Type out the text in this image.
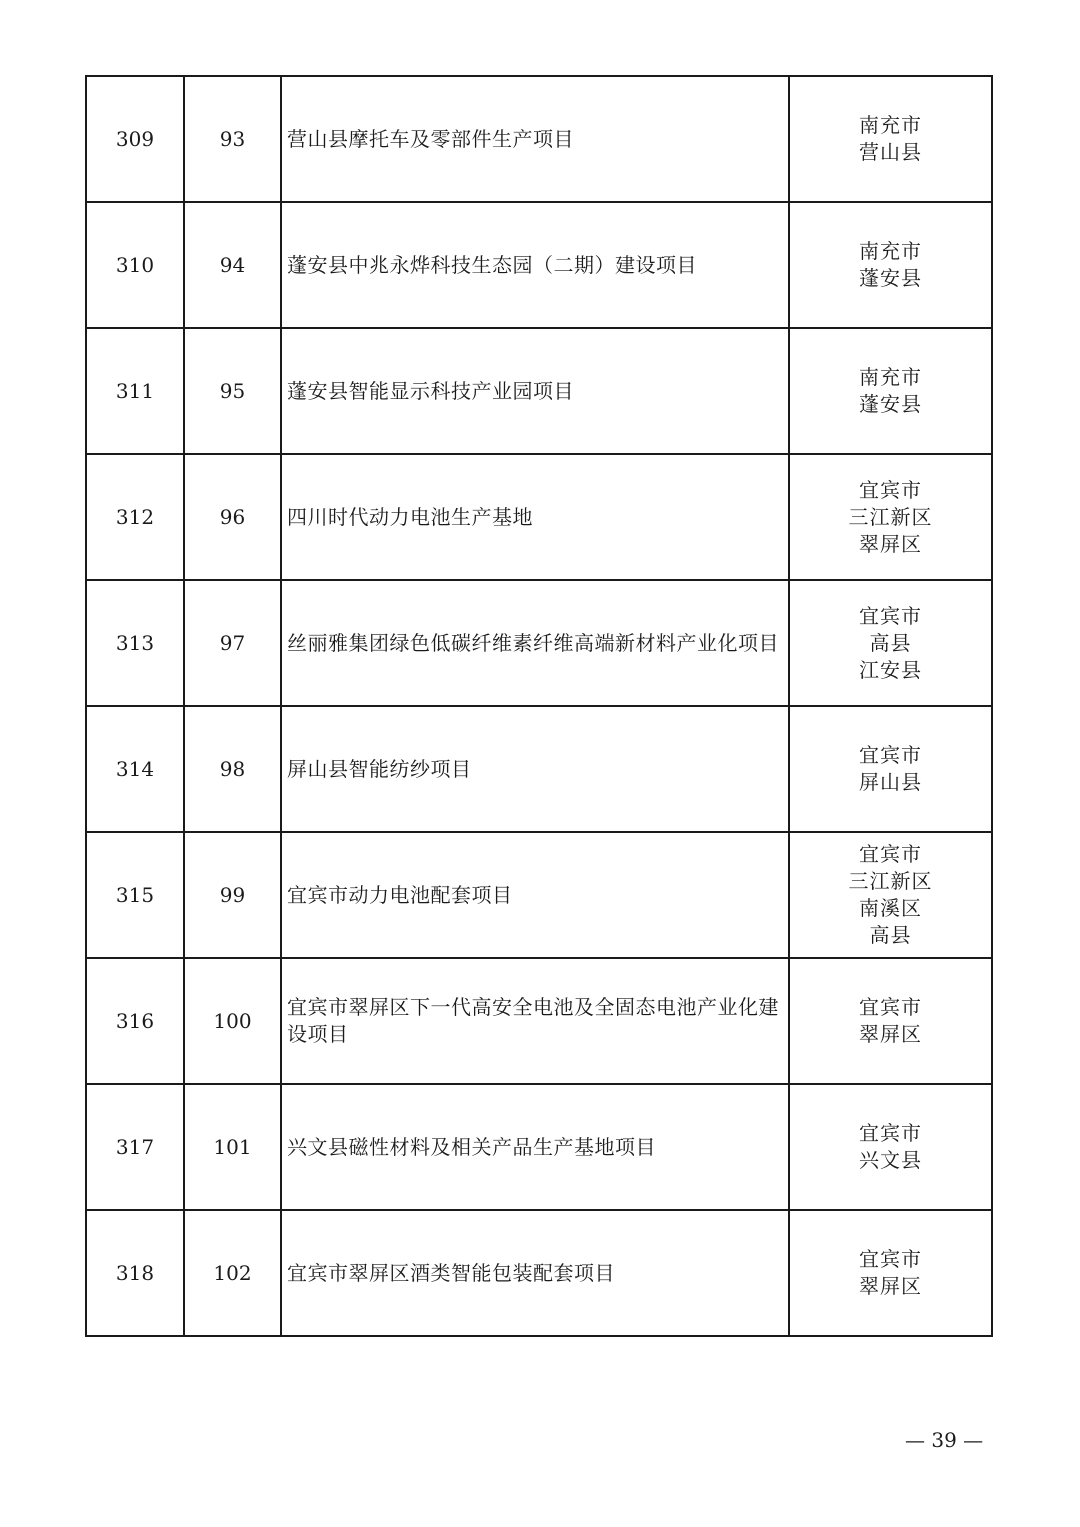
309	93	营山县摩托车及零部件生产项目	南充市
营山县

310	94	蓬安县中兆永烨科技生态园（二期）建设项目	南充市
蓬安县

311	95	蓬安县智能显示科技产业园项目	南充市
蓬安县

312	96	四川时代动力电池生产基地	宜宾市
三江新区
翠屏区

313	97	丝丽雅集团绿色低碳纤维素纤维高端新材料产业化项目	宜宾市
高县
江安县

314	98	屏山县智能纺纱项目	宜宾市
屏山县

315	99	宜宾市动力电池配套项目	宜宾市
三江新区
南溪区
高县

316	100	宜宾市翠屏区下一代高安全电池及全固态电池产业化建设项目	宜宾市
翠屏区

317	101	兴文县磁性材料及相关产品生产基地项目	宜宾市
兴文县

318	102	宜宾市翠屏区酒类智能包装配套项目	宜宾市
翠屏区
— 39 —
